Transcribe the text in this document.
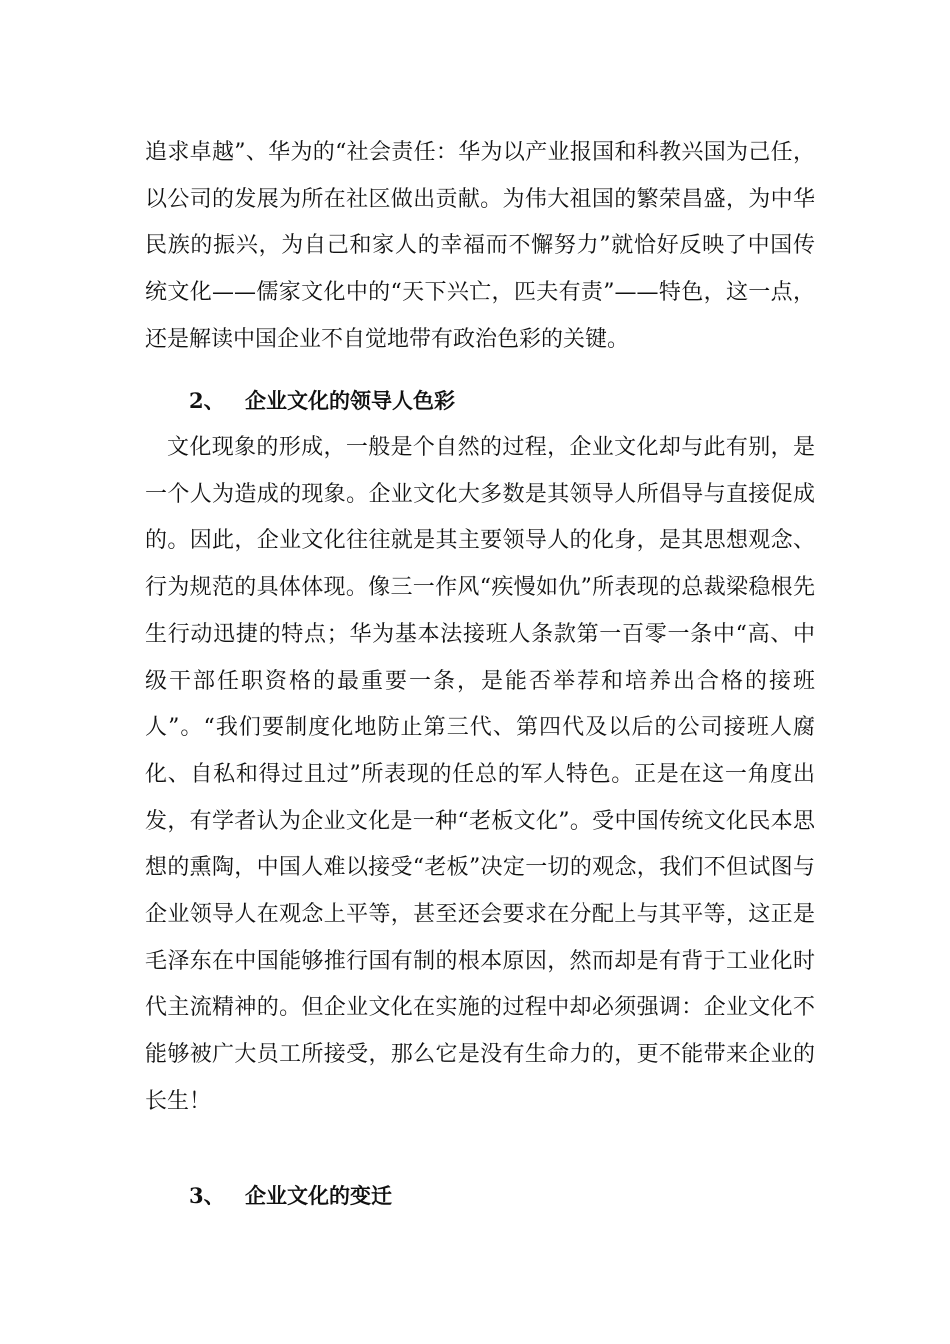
追求卓越”、华为的“社会责任：华为以产业报国和科教兴国为己任，以公司的发展为所在社区做出贡献。为伟大祖国的繁荣昌盛，为中华民族的振兴，为自己和家人的幸福而不懈努力”就恰好反映了中国传统文化——儒家文化中的“天下兴亡，匹夫有责”——特色，这一点，还是解读中国企业不自觉地带有政治色彩的关键。

2、 企业文化的领导人色彩

文化现象的形成，一般是个自然的过程，企业文化却与此有别，是一个人为造成的现象。企业文化大多数是其领导人所倡导与直接促成的。因此，企业文化往往就是其主要领导人的化身，是其思想观念、行为规范的具体体现。像三一作风“疾慢如仇”所表现的总裁梁稳根先生行动迅捷的特点；华为基本法接班人条款第一百零一条中“高、中级干部任职资格的最重要一条，是能否举荐和培养出合格的接班人”。“我们要制度化地防止第三代、第四代及以后的公司接班人腐化、自私和得过且过”所表现的任总的军人特色。正是在这一角度出发，有学者认为企业文化是一种“老板文化”。受中国传统文化民本思想的熏陶，中国人难以接受“老板”决定一切的观念，我们不但试图与企业领导人在观念上平等，甚至还会要求在分配上与其平等，这正是毛泽东在中国能够推行国有制的根本原因，然而却是有背于工业化时代主流精神的。但企业文化在实施的过程中却必须强调：企业文化不能够被广大员工所接受，那么它是没有生命力的，更不能带来企业的长生！

3、 企业文化的变迁
